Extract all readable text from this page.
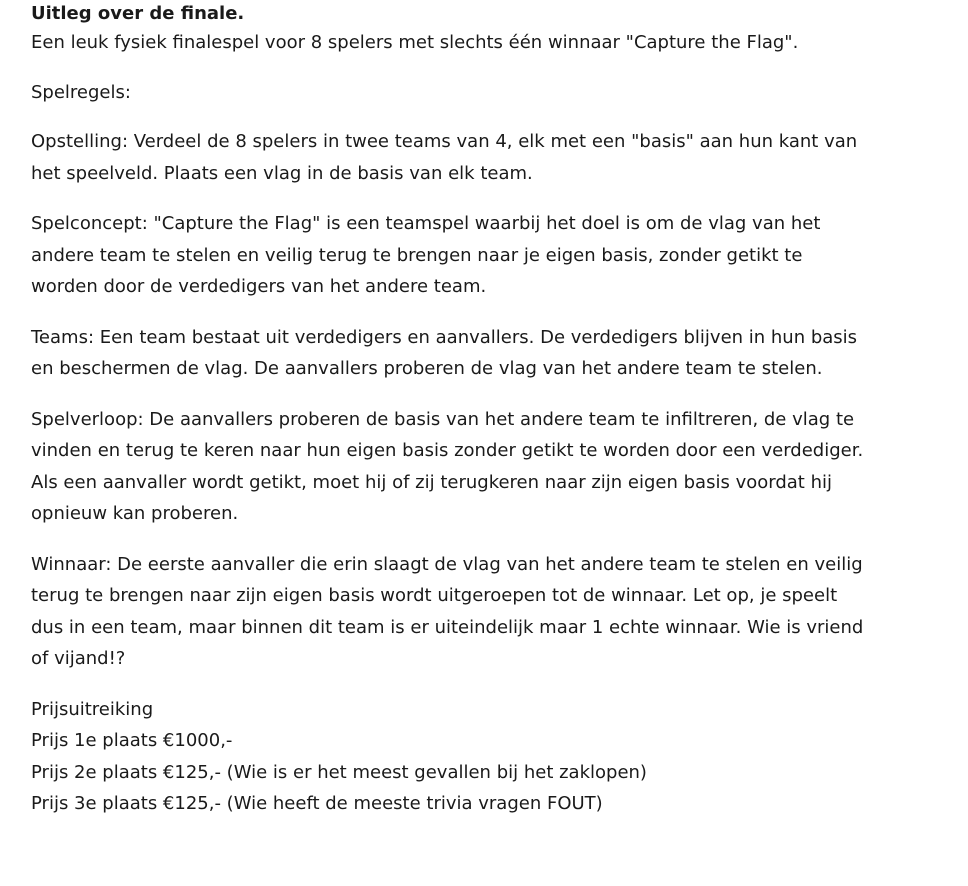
Uitleg over de finale.
Een leuk fysiek finalespel voor 8 spelers met slechts één winnaar "Capture the Flag".
Spelregels:
Opstelling: Verdeel de 8 spelers in twee teams van 4, elk met een "basis" aan hun kant van
het speelveld. Plaats een vlag in de basis van elk team.
Spelconcept: "Capture the Flag" is een teamspel waarbij het doel is om de vlag van het
andere team te stelen en veilig terug te brengen naar je eigen basis, zonder getikt te
worden door de verdedigers van het andere team.
Teams: Een team bestaat uit verdedigers en aanvallers. De verdedigers blijven in hun basis
en beschermen de vlag. De aanvallers proberen de vlag van het andere team te stelen.
Spelverloop: De aanvallers proberen de basis van het andere team te infiltreren, de vlag te
vinden en terug te keren naar hun eigen basis zonder getikt te worden door een verdediger.
Als een aanvaller wordt getikt, moet hij of zij terugkeren naar zijn eigen basis voordat hij
opnieuw kan proberen.
Winnaar: De eerste aanvaller die erin slaagt de vlag van het andere team te stelen en veilig
terug te brengen naar zijn eigen basis wordt uitgeroepen tot de winnaar. Let op, je speelt
dus in een team, maar binnen dit team is er uiteindelijk maar 1 echte winnaar. Wie is vriend
of vijand!?
Prijsuitreiking
Prijs 1e plaats €1000,-
Prijs 2e plaats €125,- (Wie is er het meest gevallen bij het zaklopen)
Prijs 3e plaats €125,- (Wie heeft de meeste trivia vragen FOUT)
